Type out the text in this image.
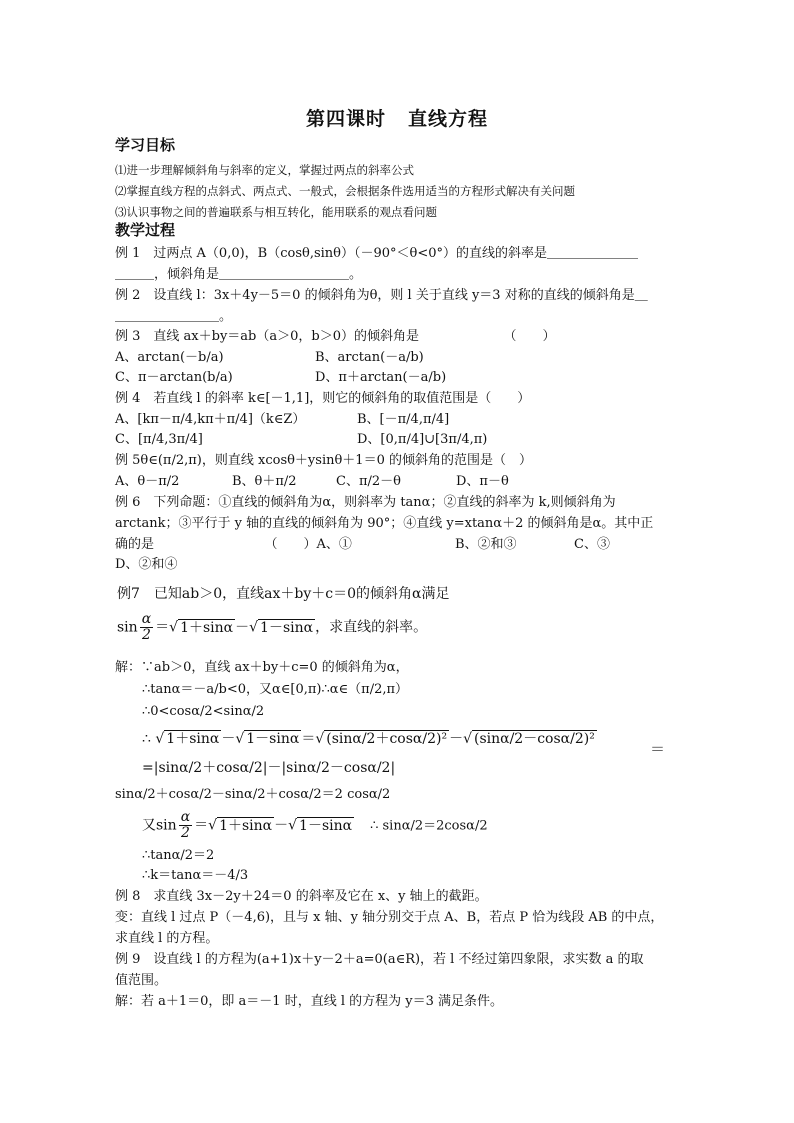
第四课时 直线方程
学习目标
⑴进一步理解倾斜角与斜率的定义，掌握过两点的斜率公式
⑵掌握直线方程的点斜式、两点式、一般式，会根据条件选用适当的方程形式解决有关问题
⑶认识事物之间的普遍联系与相互转化，能用联系的观点看问题
教学过程
例 1　过两点 A（0,0)，B（cosθ,sinθ）（－90°＜θ<0°）的直线的斜率是＿＿＿＿＿＿＿
＿＿＿，倾斜角是＿＿＿＿＿＿＿＿＿＿。
例 2　设直线 l：3x＋4y－5＝0 的倾斜角为θ，则 l 关于直线 y＝3 对称的直线的倾斜角是＿
＿＿＿＿＿＿＿＿。
例 3　直线 ax＋by＝ab（a＞0，b＞0）的倾斜角是　　　　　　　（　　）
A、arctan(－b/a)	B、arctan(－a/b)
C、π－arctan(b/a)	D、π＋arctan(－a/b)
例 4　若直线 l 的斜率 k∈[－1,1]，则它的倾斜角的取值范围是（　　）
A、[kπ－π/4,kπ＋π/4]（k∈Z）	B、[－π/4,π/4]
C、[π/4,3π/4]	D、[0,π/4]∪[3π/4,π)
例 5θ∈(π/2,π)，则直线 xcosθ＋ysinθ＋1＝0 的倾斜角的范围是（　）
A、θ－π/2	B、θ＋π/2	C、π/2－θ	D、π－θ
例 6　下列命题：①直线的倾斜角为α，则斜率为 tanα；②直线的斜率为 k,则倾斜角为
arctank；③平行于 y 轴的直线的倾斜角为 90°；④直线 y=xtanα＋2 的倾斜角是α。其中正
确的是　　　　　　　　　（　　）A、①	B、②和③	C、③
D、②和④
例7　已知ab＞0，直线ax＋by＋c＝0的倾斜角α满足
$\sin \frac{\alpha}{2}$ ＝√ 1＋sinα －√ 1－sinα ，求直线的斜率。
解：∵ab＞0，直线 ax＋by＋c=0 的倾斜角为α，
∴tanα＝－a/b<0，又α∈[0,π)∴α∈（π/2,π）
∴0<cosα/2<sinα/2
∴ √ 1＋sinα －√ 1－sinα ＝√ (sinα/2＋cosα/2)² －√ (sinα/2－cosα/2)²
＝
=|sinα/2＋cosα/2|－|sinα/2－cosα/2|
sinα/2＋cosα/2－sinα/2＋cosα/2＝2 cosα/2
又$\sin \frac{\alpha}{2}$ ＝√ 1＋sinα －√ 1－sinα ∴ sinα/2＝2cosα/2
∴tanα/2＝2
∴k＝tanα＝－4/3
例 8　求直线 3x－2y＋24＝0 的斜率及它在 x、y 轴上的截距。
变：直线 l 过点 P（－4,6)，且与 x 轴、y 轴分别交于点 A、B，若点 P 恰为线段 AB 的中点，
求直线 l 的方程。
例 9　设直线 l 的方程为(a+1)x＋y－2＋a=0(a∈R)，若 l 不经过第四象限，求实数 a 的取
值范围。
解：若 a＋1＝0，即 a＝－1 时，直线 l 的方程为 y＝3 满足条件。
